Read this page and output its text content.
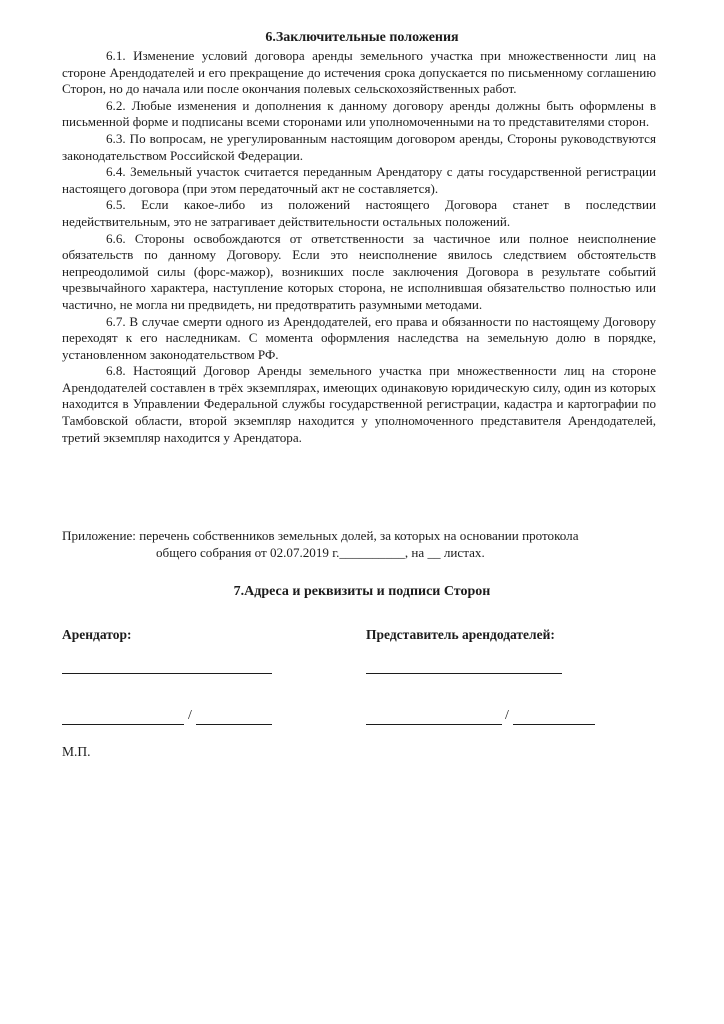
6.Заключительные положения

6.1. Изменение условий договора аренды земельного участка при множественности лиц на стороне Арендодателей и его прекращение до истечения срока допускается по письменному соглашению Сторон, но до начала или после окончания полевых сельскохозяйственных работ.

6.2. Любые изменения и дополнения к данному договору аренды должны быть оформлены в письменной форме и подписаны всеми сторонами или уполномоченными на то представителями сторон.

6.3. По вопросам, не урегулированным настоящим договором аренды, Стороны руководствуются законодательством Российской Федерации.

6.4. Земельный участок считается переданным Арендатору с даты государственной регистрации настоящего договора (при этом передаточный акт не составляется).

6.5. Если какое-либо из положений настоящего Договора станет в последствии недействительным, это не затрагивает действительности остальных положений.

6.6. Стороны освобождаются от ответственности за частичное или полное неисполнение обязательств по данному Договору. Если это неисполнение явилось следствием обстоятельств непреодолимой силы (форс-мажор), возникших после заключения Договора в результате событий чрезвычайного характера, наступление которых сторона, не исполнившая обязательство полностью или частично, не могла ни предвидеть, ни предотвратить разумными методами.

6.7. В случае смерти одного из Арендодателей, его права и обязанности по настоящему Договору переходят к его наследникам. С момента оформления наследства на земельную долю в порядке, установленном законодательством РФ.

6.8. Настоящий Договор Аренды земельного участка при множественности лиц на стороне Арендодателей составлен в трёх экземплярах, имеющих одинаковую юридическую силу, один из которых находится в Управлении Федеральной службы государственной регистрации, кадастра и картографии по Тамбовской области, второй экземпляр находится у уполномоченного представителя Арендодателей, третий экземпляр находится у Арендатора.

Приложение: перечень собственников земельных долей, за которых на основании протокола
общего собрания от 02.07.2019 г.__________, на __ листах.
7.Адреса и реквизиты и подписи Сторон
Арендатор:	Представитель арендодателей:
/	/
М.П.
